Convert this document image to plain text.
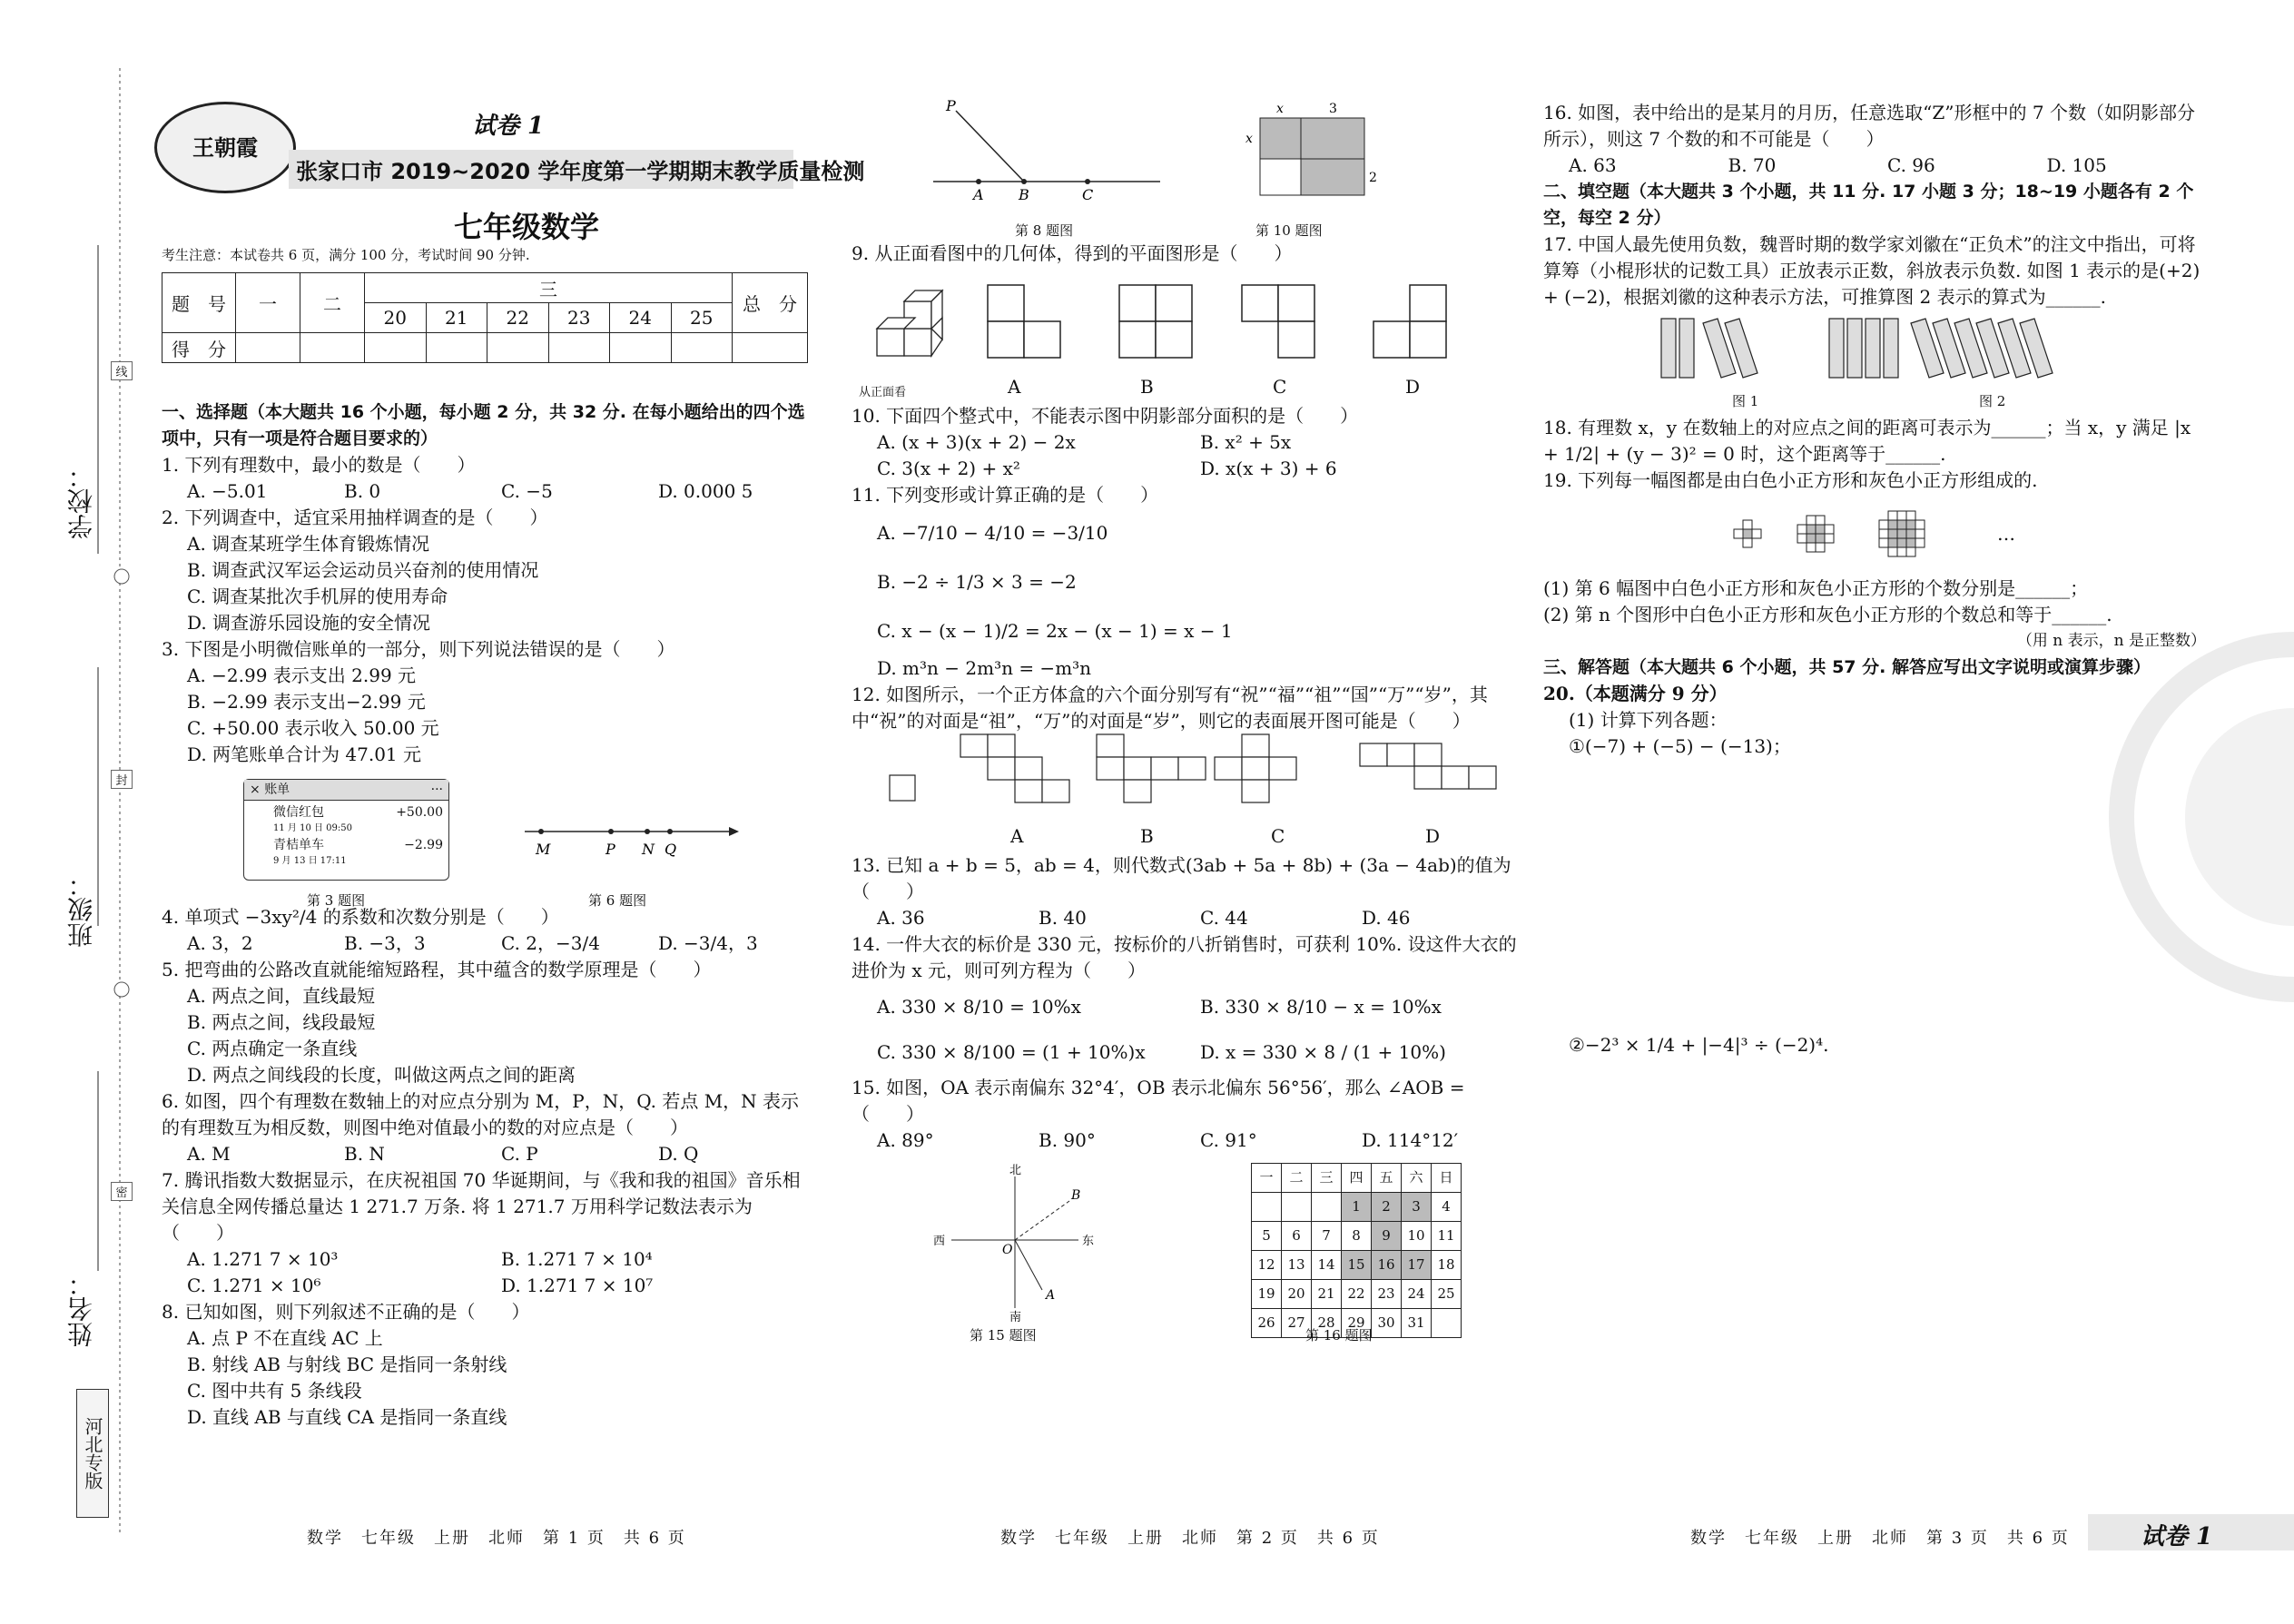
学校：
班级：
姓名：
线
封
密
河北专版
王朝霞
试卷 1
张家口市 2019~2020 学年度第一学期期末教学质量检测
七年级数学
考生注意：本试卷共 6 页，满分 100 分，考试时间 90 分钟.
题　号	一	二	三						总　分
			20	21	22	23	24	25	
得　分									

一、选择题（本大题共 16 个小题，每小题 2 分，共 32 分. 在每小题给出的四个选项中，只有一项是符合题目要求的）

1. 下列有理数中，最小的数是（　　）

A. −5.01	B. 0	C. −5	D. 0.000 5

2. 下列调查中，适宜采用抽样调查的是（　　）

A. 调查某班学生体育锻炼情况
B. 调查武汉军运会运动员兴奋剂的使用情况
C. 调查某批次手机屏的使用寿命
D. 调查游乐园设施的安全情况

3. 下图是小明微信账单的一部分，则下列说法错误的是（　　）

A. −2.99 表示支出 2.99 元
B. −2.99 表示支出−2.99 元
C. +50.00 表示收入 50.00 元
D. 两笔账单合计为 47.01 元
× 账单	···
微信红包	+50.00
11 月 10 日 09:50
青桔单车	−2.99
9 月 13 日 17:11
第 3 题图
M	P N Q
第 6 题图

4. 单项式 −3xy²/4 的系数和次数分别是（　　）

A. 3，2	B. −3，3	C. 2，−3/4	D. −3/4，3

5. 把弯曲的公路改直就能缩短路程，其中蕴含的数学原理是（　　）

A. 两点之间，直线最短
B. 两点之间，线段最短
C. 两点确定一条直线
D. 两点之间线段的长度，叫做这两点之间的距离

6. 如图，四个有理数在数轴上的对应点分别为 M，P，N，Q. 若点 M，N 表示的有理数互为相反数，则图中绝对值最小的数的对应点是（　　）

A. M	B. N	C. P	D. Q

7. 腾讯指数大数据显示，在庆祝祖国 70 华诞期间，与《我和我的祖国》音乐相关信息全网传播总量达 1 271.7 万条. 将 1 271.7 万用科学记数法表示为（　　）

A. 1.271 7 × 10³	B. 1.271 7 × 10⁴
C. 1.271 × 10⁶	D. 1.271 7 × 10⁷

8. 已知如图，则下列叙述不正确的是（　　）

A. 点 P 不在直线 AC 上
B. 射线 AB 与射线 BC 是指同一条射线
C. 图中共有 5 条线段
D. 直线 AB 与直线 CA 是指同一条直线
P
A B	C
第 8 题图
x	3
x
2
第 10 题图

9. 从正面看图中的几何体，得到的平面图形是（　　）

从正面看	A	B	C	D

10. 下面四个整式中，不能表示图中阴影部分面积的是（　　）

A. (x + 3)(x + 2) − 2x	B. x² + 5x
C. 3(x + 2) + x²	D. x(x + 3) + 6

11. 下列变形或计算正确的是（　　）

A. −7/10 − 4/10 = −3/10
B. −2 ÷ 1/3 × 3 = −2
C. x − (x − 1)/2 = 2x − (x − 1) = x − 1
D. m³n − 2m³n = −m³n

12. 如图所示，一个正方体盒的六个面分别写有“祝”“福”“祖”“国”“万”“岁”，其中“祝”的对面是“祖”，“万”的对面是“岁”，则它的表面展开图可能是（　　）

A	B	C	D

13. 已知 a + b = 5，ab = 4，则代数式(3ab + 5a + 8b) + (3a − 4ab)的值为（　　）

A. 36	B. 40	C. 44	D. 46

14. 一件大衣的标价是 330 元，按标价的八折销售时，可获利 10%. 设这件大衣的进价为 x 元，则可列方程为（　　）

A. 330 × 8/10 = 10%x	B. 330 × 8/10 − x = 10%x
C. 330 × 8/100 = (1 + 10%)x	D. x = 330 × 8 / (1 + 10%)

15. 如图，OA 表示南偏东 32°4′，OB 表示北偏东 56°56′，那么 ∠AOB =（　　）

A. 89°	B. 90°	C. 91°	D. 114°12′
北
南
西	东
O
A
B
第 15 题图
一	二	三	四	五	六	日
			1	2	3	4
5	6	7	8	9	10	11
12	13	14	15	16	17	18
19	20	21	22	23	24	25
26	27	28	29	30	31	
第 16 题图

16. 如图，表中给出的是某月的月历，任意选取“Z”形框中的 7 个数（如阴影部分所示），则这 7 个数的和不可能是（　　）

A. 63	B. 70	C. 96	D. 105

二、填空题（本大题共 3 个小题，共 11 分. 17 小题 3 分；18~19 小题各有 2 个空，每空 2 分）

17. 中国人最先使用负数，魏晋时期的数学家刘徽在“正负术”的注文中指出，可将算筹（小棍形状的记数工具）正放表示正数，斜放表示负数. 如图 1 表示的是(+2) + (−2)，根据刘徽的这种表示方法，可推算图 2 表示的算式为______.

图 1	图 2

18. 有理数 x，y 在数轴上的对应点之间的距离可表示为______；当 x，y 满足 |x + 1/2| + (y − 3)² = 0 时，这个距离等于______.

19. 下列每一幅图都是由白色小正方形和灰色小正方形组成的.

…
(1) 第 6 幅图中白色小正方形和灰色小正方形的个数分别是______；
(2) 第 n 个图形中白色小正方形和灰色小正方形的个数总和等于______.
（用 n 表示，n 是正整数）

三、解答题（本大题共 6 个小题，共 57 分. 解答应写出文字说明或演算步骤）

20.（本题满分 9 分）

(1) 计算下列各题：
①(−7) + (−5) − (−13)；
②−2³ × 1/4 + |−4|³ ÷ (−2)⁴.
数学　七年级　上册　北师　第 1 页　共 6 页	数学　七年级　上册　北师　第 2 页　共 6 页	数学　七年级　上册　北师　第 3 页　共 6 页	试卷 1
